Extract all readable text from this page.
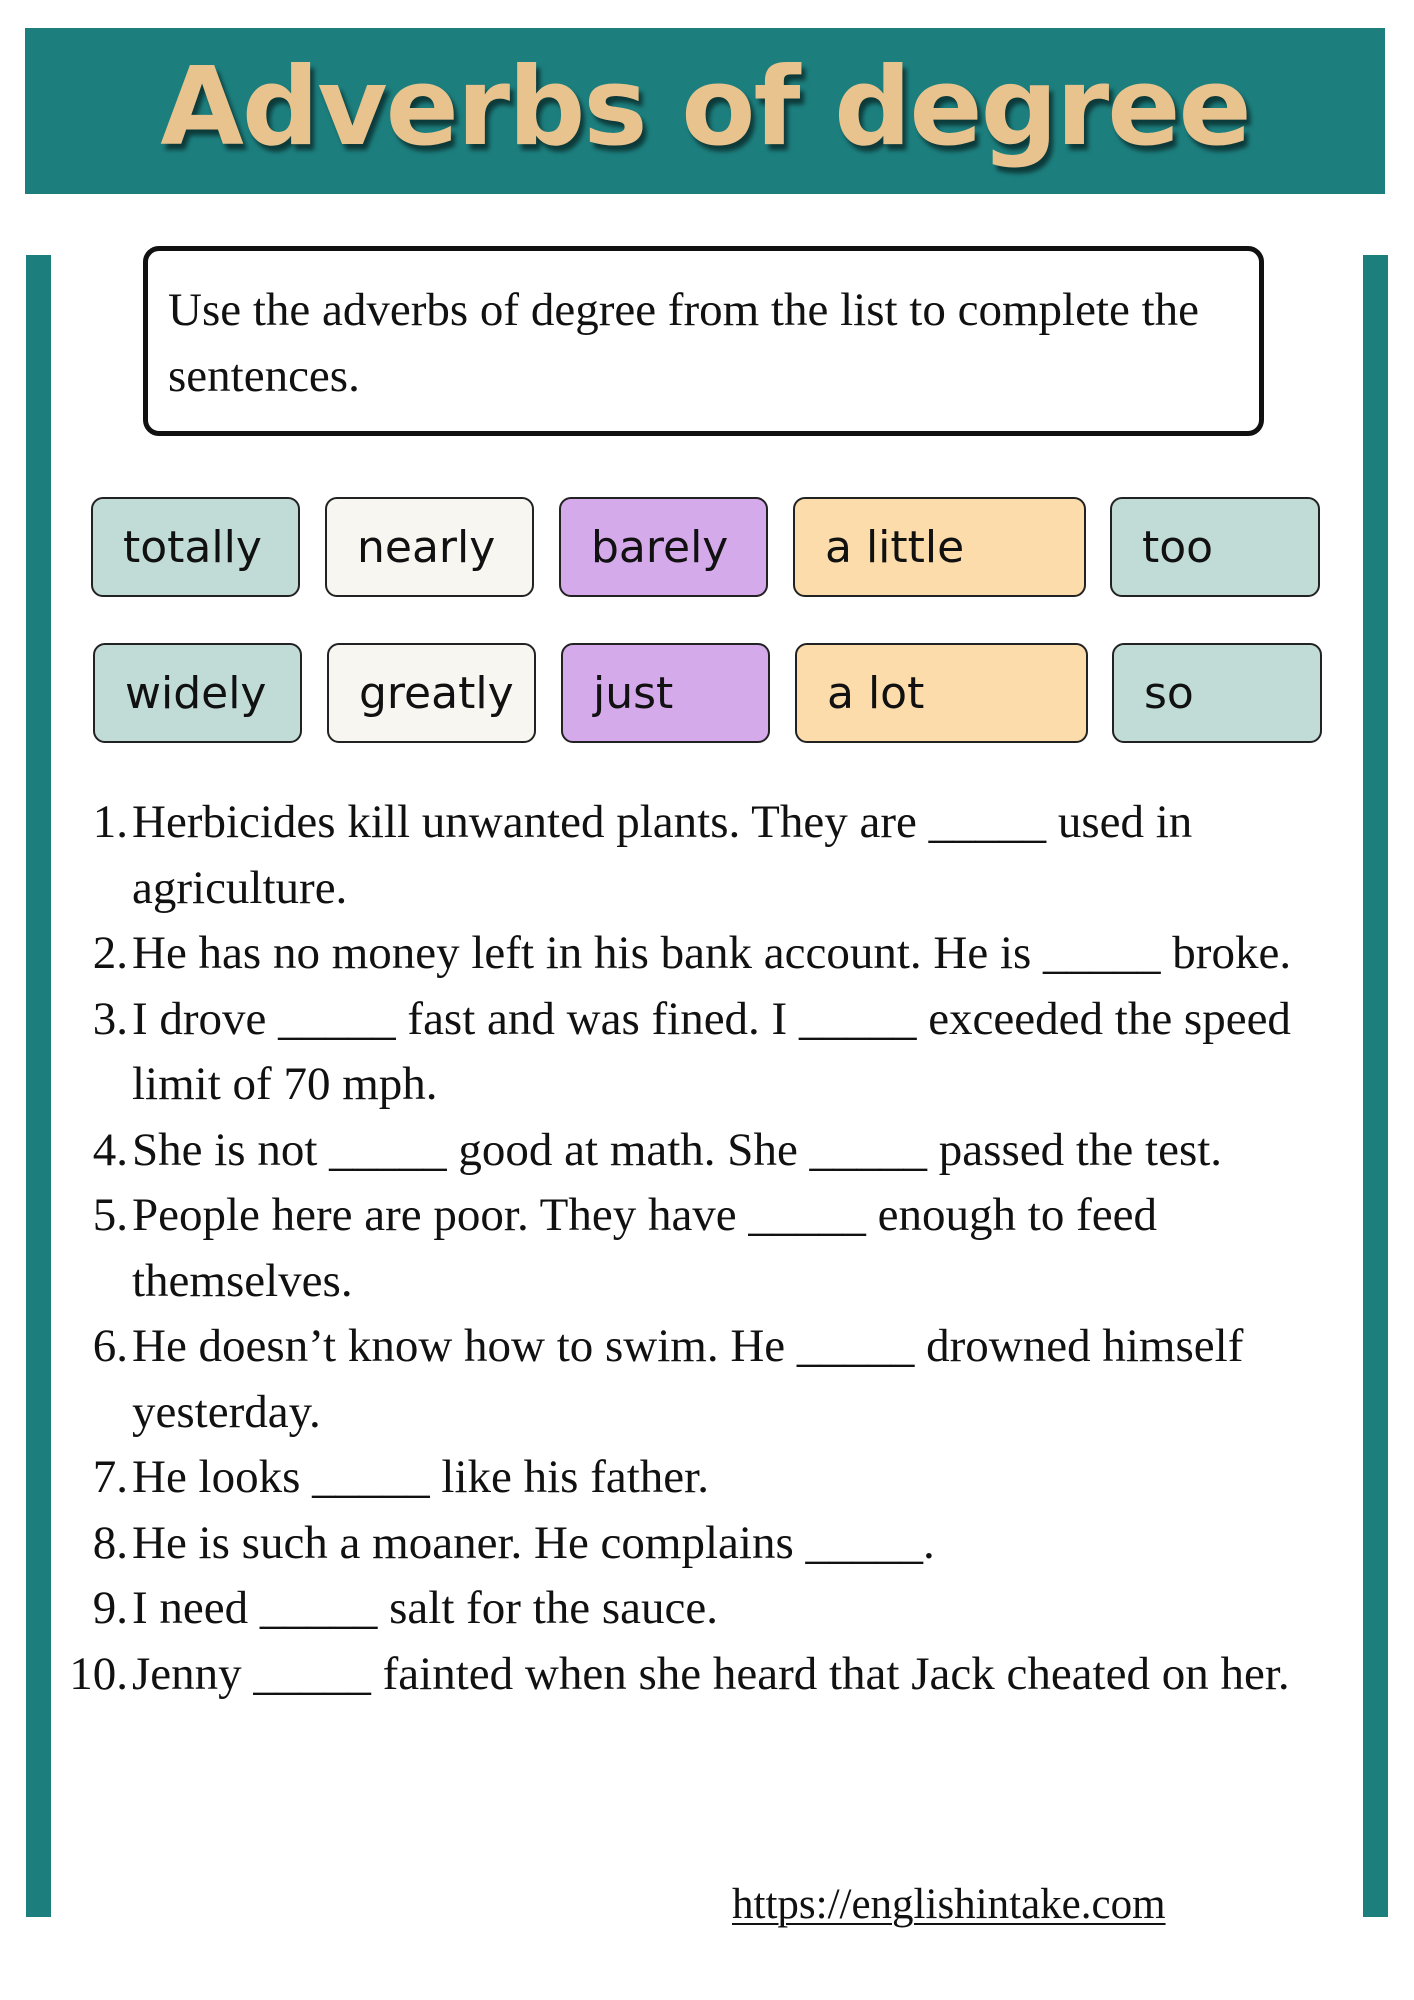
Adverbs of degree
Use the adverbs of degree from the list to complete the sentences.
totally nearly barely a little	too
widely greatly just	a lot	so
1. Herbicides kill unwanted plants. They are _____ used in agriculture.
2. He has no money left in his bank account. He is _____ broke.
3. I drove _____ fast and was fined. I _____ exceeded the speed limit of 70 mph.
4. She is not _____ good at math. She _____ passed the test.
5. People here are poor. They have _____ enough to feed themselves.
6. He doesn’t know how to swim. He _____ drowned himself yesterday.
7. He looks _____ like his father.
8. He is such a moaner. He complains _____.
9. I need _____ salt for the sauce.
10. Jenny _____ fainted when she heard that Jack cheated on her.
https://englishintake.com
